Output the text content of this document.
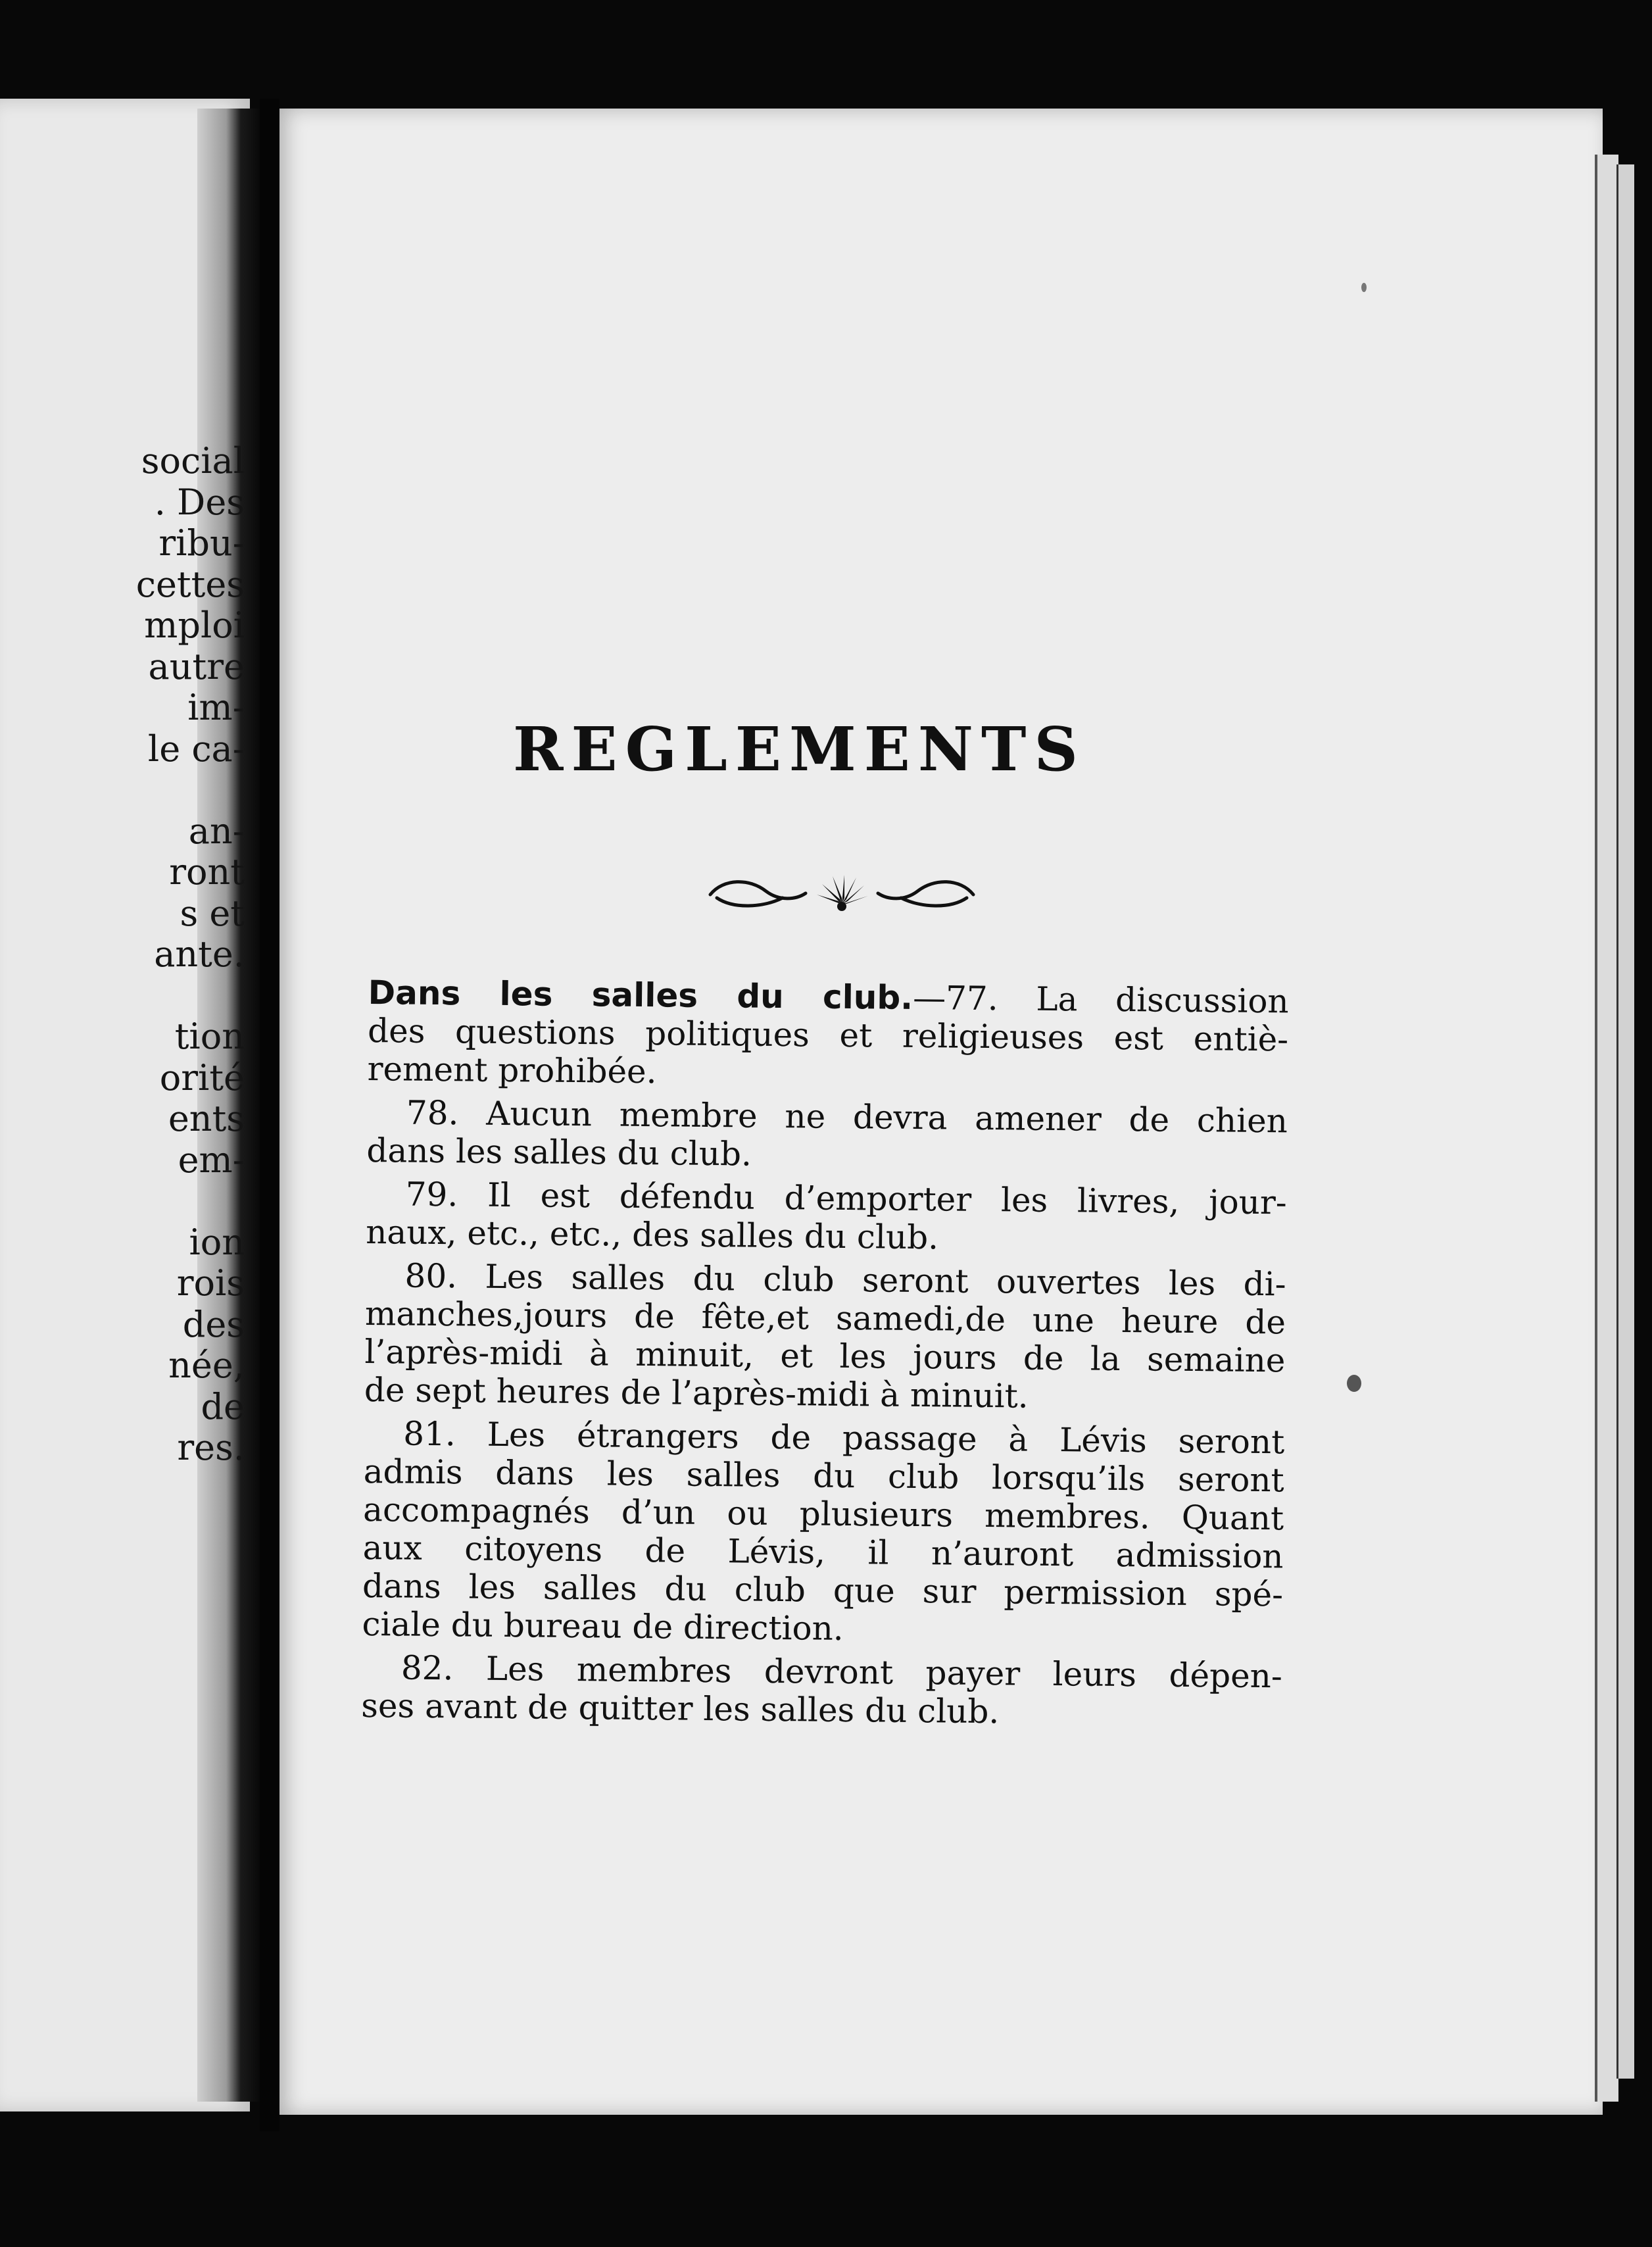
social
. Des
ribu-
cettes
mploi
autre
im-
le ca-
an-
ront
s et
ante.
tion
orité
ents
em-
ion
rois
des
née,
de
res.
REGLEMENTS
Dans les salles du club.—77. La discussion
des questions politiques et religieuses est entiè-
rement prohibée.
78. Aucun membre ne devra amener de chien
dans les salles du club.
79. Il est défendu d’emporter les livres, jour-
naux, etc., etc., des salles du club.
80. Les salles du club seront ouvertes les di-
manches,jours de fête,et samedi,de une heure de
l’après-midi à minuit, et les jours de la semaine
de sept heures de l’après-midi à minuit.
81. Les étrangers de passage à Lévis seront
admis dans les salles du club lorsqu’ils seront
accompagnés d’un ou plusieurs membres. Quant
aux citoyens de Lévis, il n’auront admission
dans les salles du club que sur permission spé-
ciale du bureau de direction.
82. Les membres devront payer leurs dépen-
ses avant de quitter les salles du club.
